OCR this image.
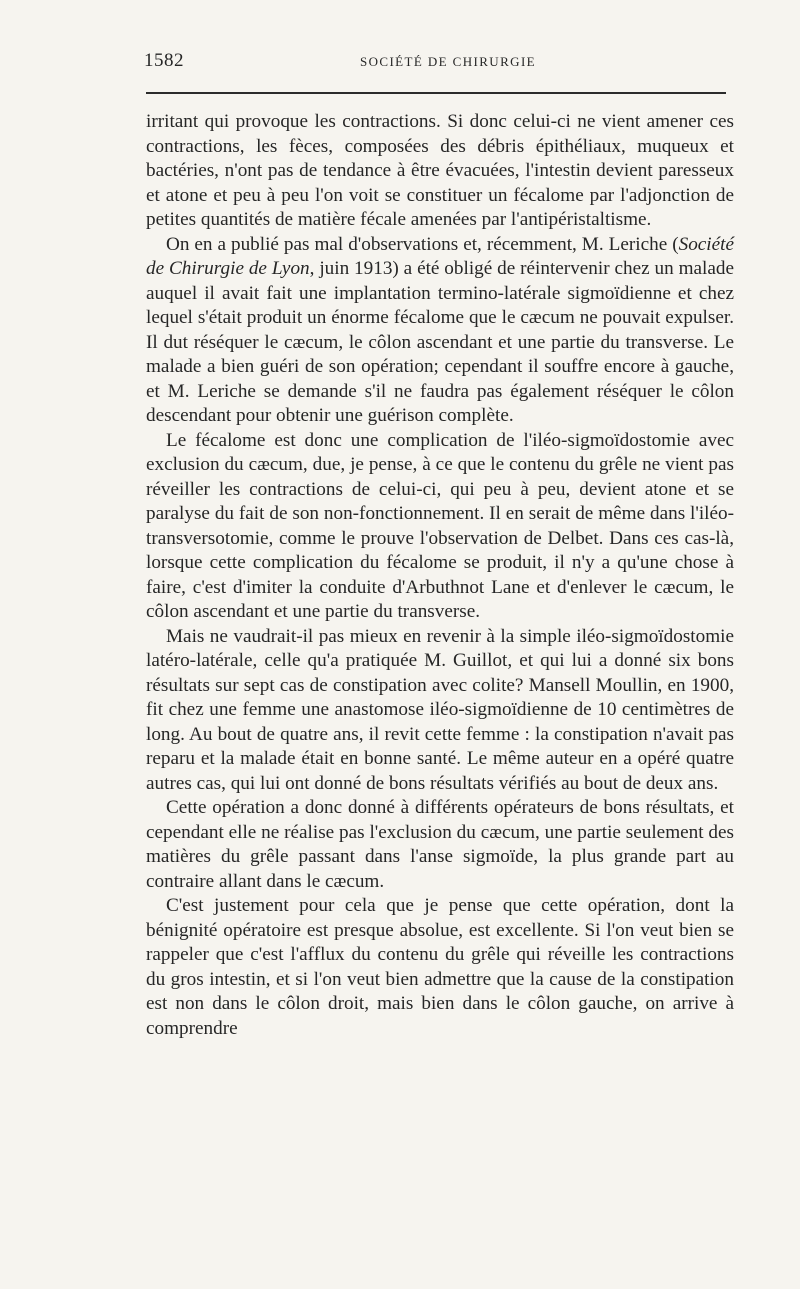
1582	SOCIÉTÉ DE CHIRURGIE

irritant qui provoque les contractions. Si donc celui-ci ne vient amener ces contractions, les fèces, composées des débris épithéliaux, muqueux et bactéries, n'ont pas de tendance à être évacuées, l'intestin devient paresseux et atone et peu à peu l'on voit se constituer un fécalome par l'adjonction de petites quantités de matière fécale amenées par l'antipéristaltisme.

On en a publié pas mal d'observations et, récemment, M. Leriche (Société de Chirurgie de Lyon, juin 1913) a été obligé de réintervenir chez un malade auquel il avait fait une implantation termino-latérale sigmoïdienne et chez lequel s'était produit un énorme fécalome que le cæcum ne pouvait expulser. Il dut réséquer le cæcum, le côlon ascendant et une partie du transverse. Le malade a bien guéri de son opération; cependant il souffre encore à gauche, et M. Leriche se demande s'il ne faudra pas également réséquer le côlon descendant pour obtenir une guérison complète.

Le fécalome est donc une complication de l'iléo-sigmoïdostomie avec exclusion du cæcum, due, je pense, à ce que le contenu du grêle ne vient pas réveiller les contractions de celui-ci, qui peu à peu, devient atone et se paralyse du fait de son non-fonctionnement. Il en serait de même dans l'iléo-transversotomie, comme le prouve l'observation de Delbet. Dans ces cas-là, lorsque cette complication du fécalome se produit, il n'y a qu'une chose à faire, c'est d'imiter la conduite d'Arbuthnot Lane et d'enlever le cæcum, le côlon ascendant et une partie du transverse.

Mais ne vaudrait-il pas mieux en revenir à la simple iléo-sigmoïdostomie latéro-latérale, celle qu'a pratiquée M. Guillot, et qui lui a donné six bons résultats sur sept cas de constipation avec colite? Mansell Moullin, en 1900, fit chez une femme une anastomose iléo-sigmoïdienne de 10 centimètres de long. Au bout de quatre ans, il revit cette femme : la constipation n'avait pas reparu et la malade était en bonne santé. Le même auteur en a opéré quatre autres cas, qui lui ont donné de bons résultats vérifiés au bout de deux ans.

Cette opération a donc donné à différents opérateurs de bons résultats, et cependant elle ne réalise pas l'exclusion du cæcum, une partie seulement des matières du grêle passant dans l'anse sigmoïde, la plus grande part au contraire allant dans le cæcum.

C'est justement pour cela que je pense que cette opération, dont la bénignité opératoire est presque absolue, est excellente. Si l'on veut bien se rappeler que c'est l'afflux du contenu du grêle qui réveille les contractions du gros intestin, et si l'on veut bien admettre que la cause de la constipation est non dans le côlon droit, mais bien dans le côlon gauche, on arrive à comprendre
